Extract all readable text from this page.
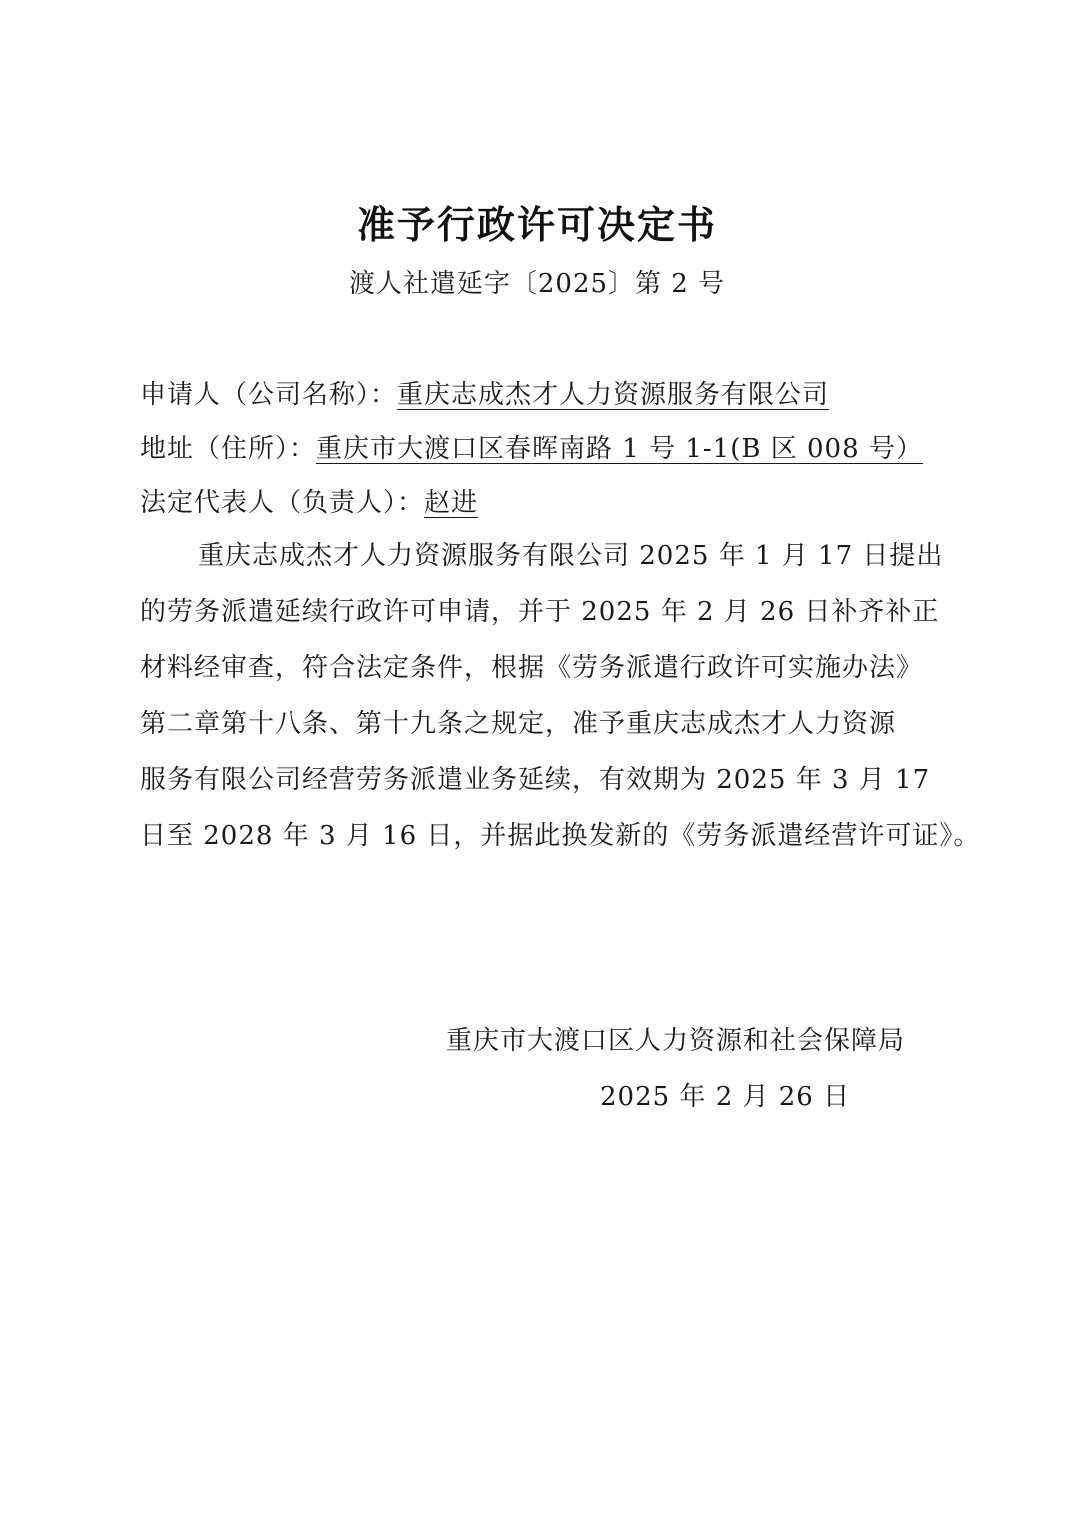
准予行政许可决定书
渡人社遣延字〔2025〕第 2 号
申请人（公司名称）：重庆志成杰才人力资源服务有限公司
地址（住所）：重庆市大渡口区春晖南路 1 号 1-1(B 区 008 号）
法定代表人（负责人）：赵进
重庆志成杰才人力资源服务有限公司 2025 年 1 月 17 日提出
的劳务派遣延续行政许可申请，并于 2025 年 2 月 26 日补齐补正
材料经审查，符合法定条件，根据《劳务派遣行政许可实施办法》
第二章第十八条、第十九条之规定，准予重庆志成杰才人力资源
服务有限公司经营劳务派遣业务延续，有效期为 2025 年 3 月 17
日至 2028 年 3 月 16 日，并据此换发新的《劳务派遣经营许可证》。
重庆市大渡口区人力资源和社会保障局
2025 年 2 月 26 日
